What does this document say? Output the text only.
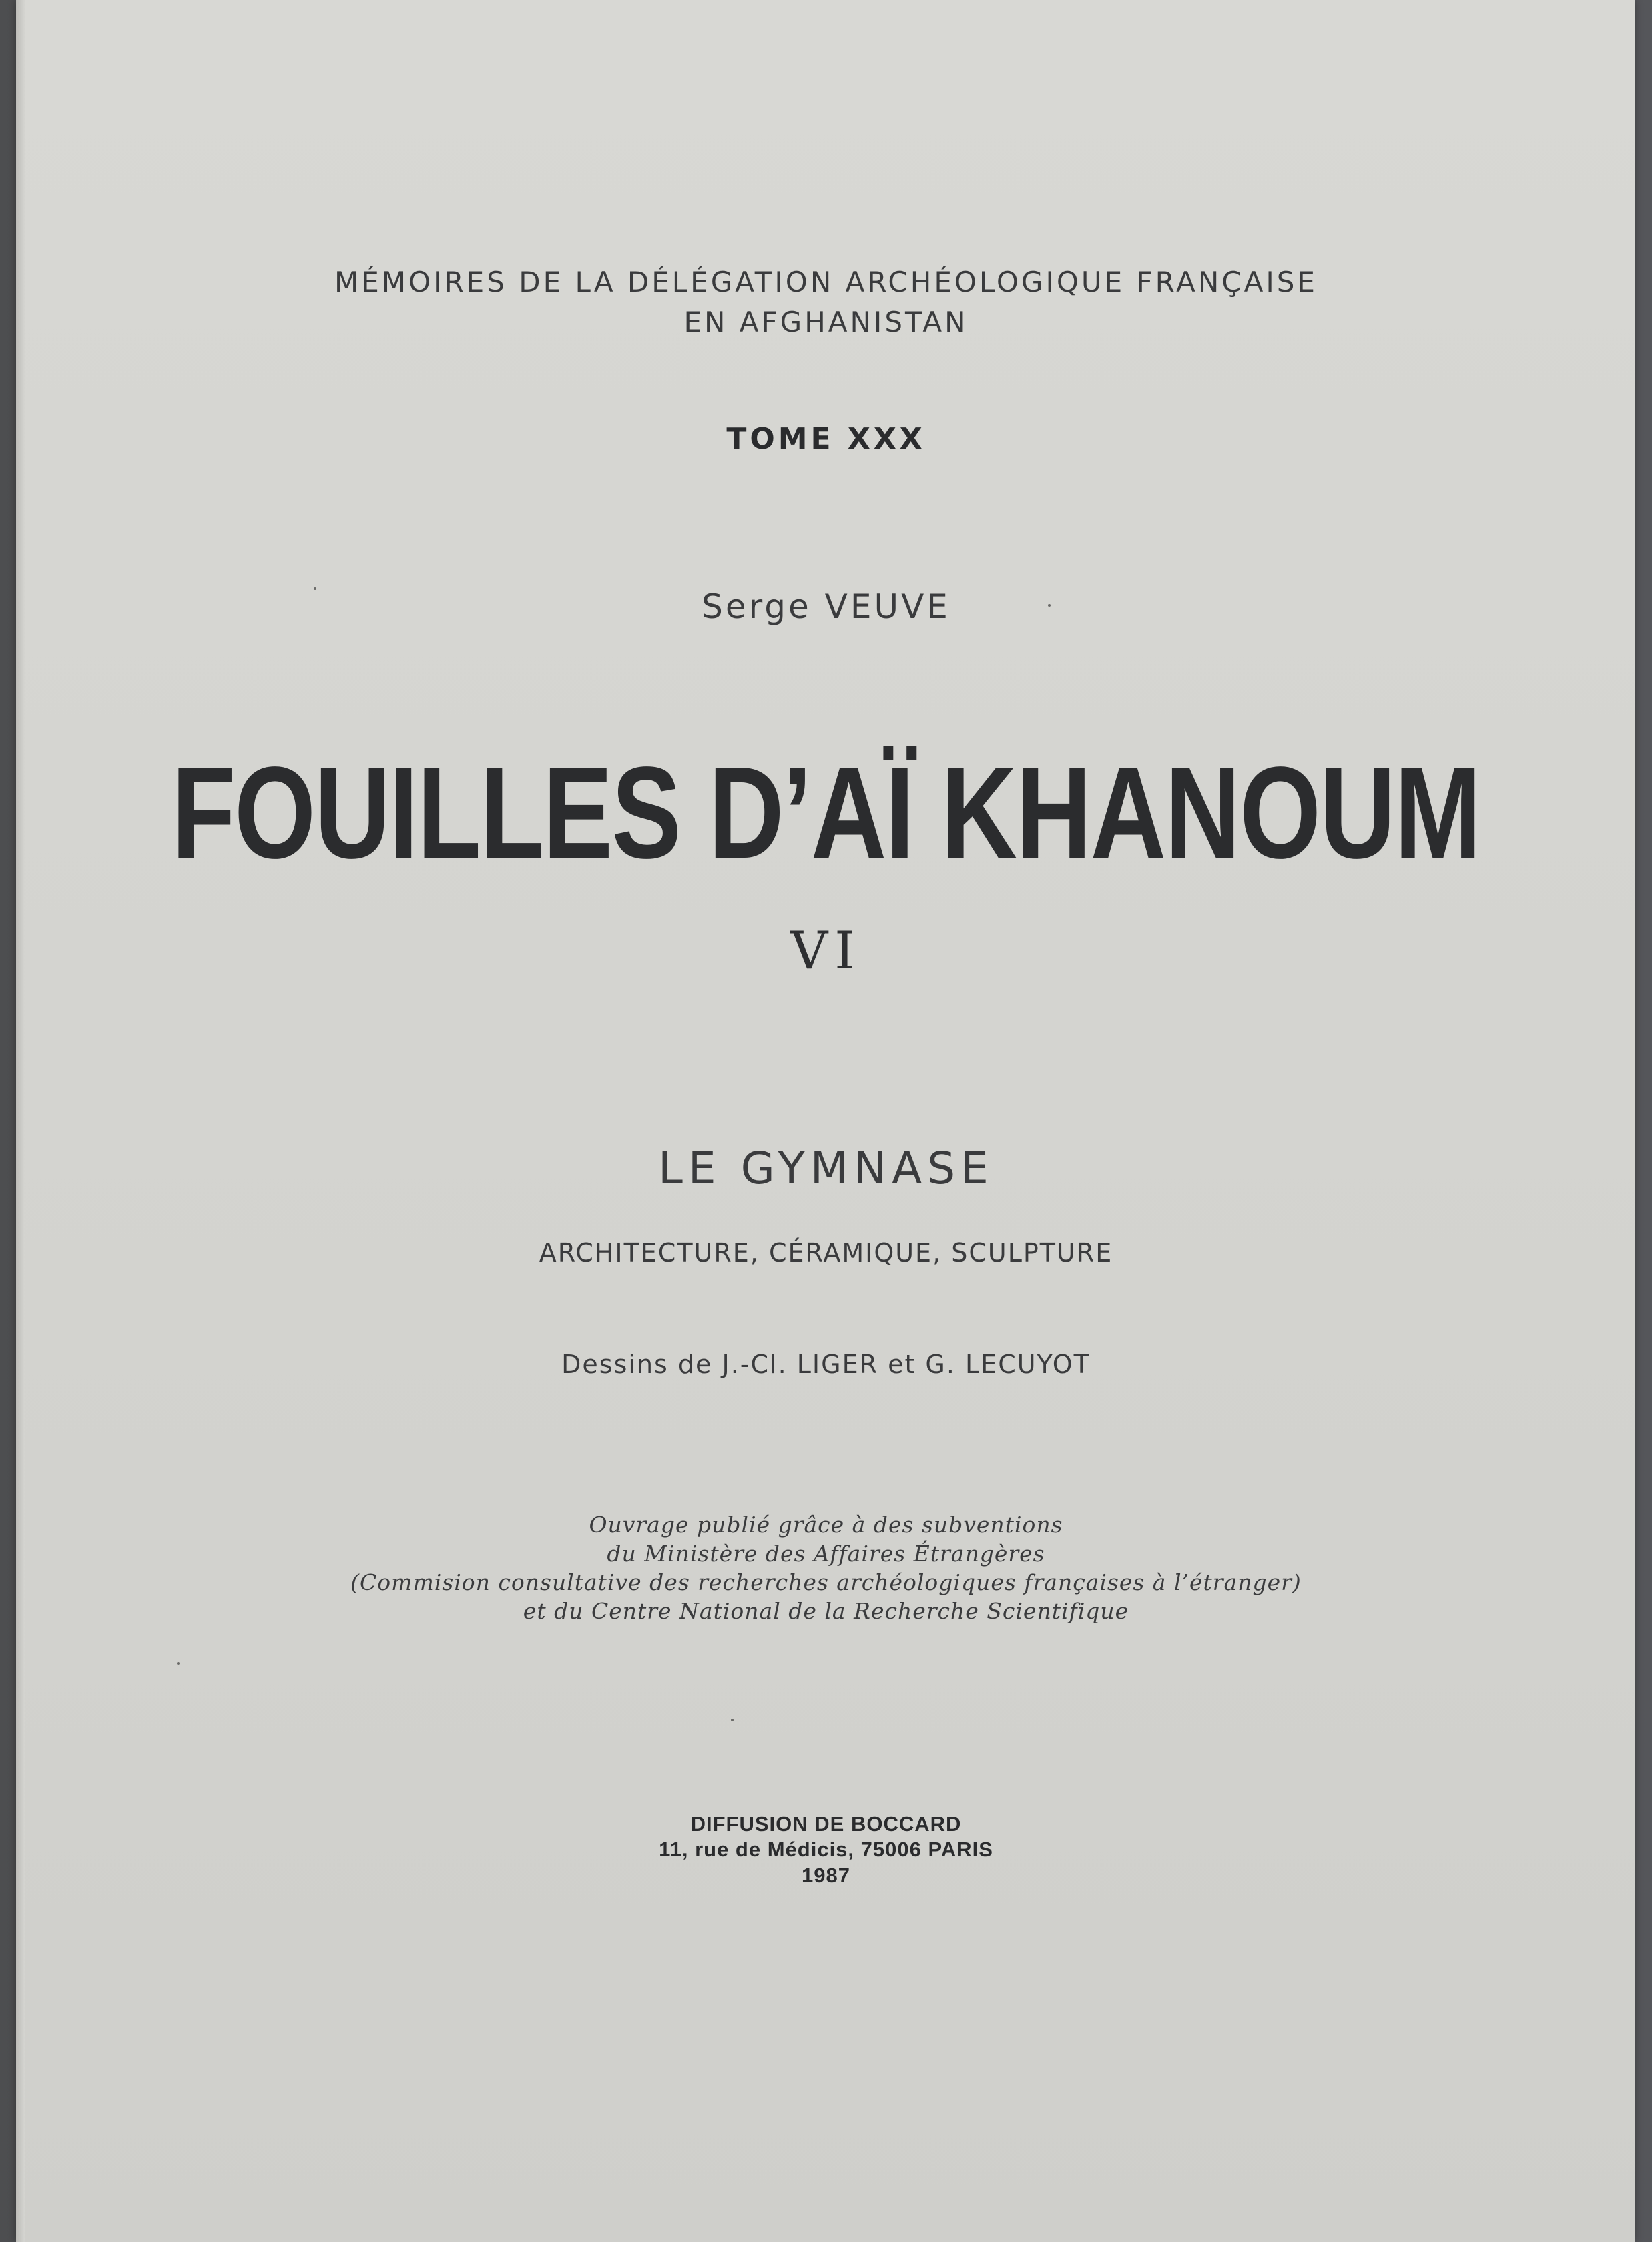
MÉMOIRES DE LA DÉLÉGATION ARCHÉOLOGIQUE FRANÇAISE
EN AFGHANISTAN
TOME XXX
Serge VEUVE
FOUILLES D’AÏ KHANOUM
VI
LE GYMNASE
ARCHITECTURE, CÉRAMIQUE, SCULPTURE
Dessins de J.-Cl. LIGER et G. LECUYOT
Ouvrage publié grâce à des subventions
du Ministère des Affaires Étrangères
(Commision consultative des recherches archéologiques françaises à l’étranger)
et du Centre National de la Recherche Scientifique
DIFFUSION DE BOCCARD
11, rue de Médicis, 75006 PARIS
1987
